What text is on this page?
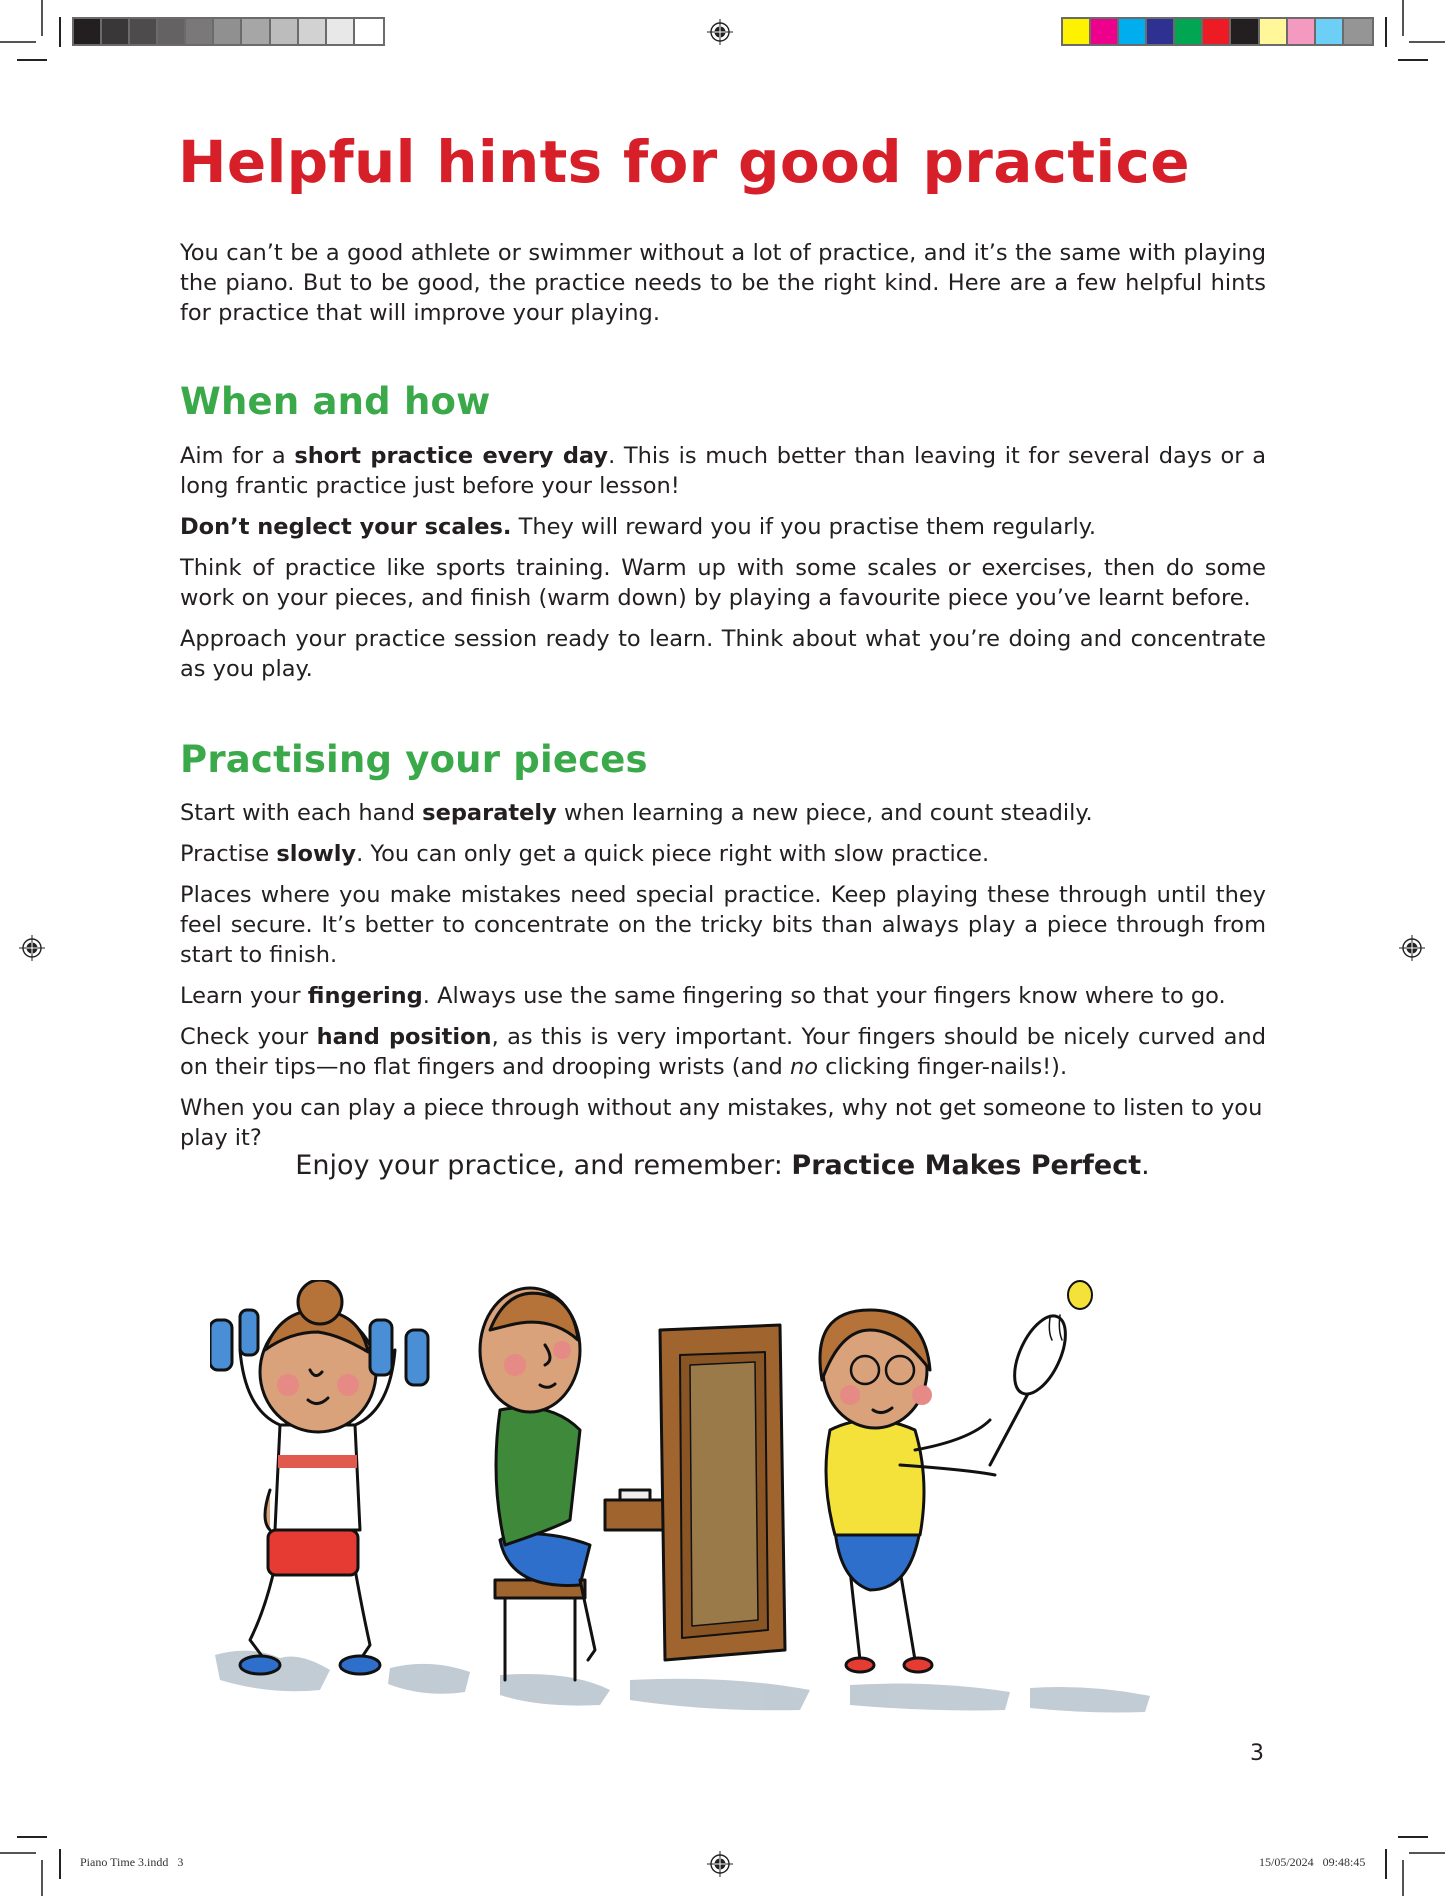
Helpful hints for good practice

You can’t be a good athlete or swimmer without a lot of practice, and it’s the same with playing the piano. But to be good, the practice needs to be the right kind. Here are a few helpful hints for practice that will improve your playing.

When and how

Aim for a short practice every day. This is much better than leaving it for several days or a long frantic practice just before your lesson!

Don’t neglect your scales. They will reward you if you practise them regularly.

Think of practice like sports training. Warm up with some scales or exercises, then do some work on your pieces, and finish (warm down) by playing a favourite piece you’ve learnt before.

Approach your practice session ready to learn. Think about what you’re doing and concentrate as you play.

Practising your pieces

Start with each hand separately when learning a new piece, and count steadily.

Practise slowly. You can only get a quick piece right with slow practice.

Places where you make mistakes need special practice. Keep playing these through until they feel secure. It’s better to concentrate on the tricky bits than always play a piece through from start to finish.

Learn your fingering. Always use the same fingering so that your fingers know where to go.

Check your hand position, as this is very important. Your fingers should be nicely curved and on their tips—no flat fingers and drooping wrists (and no clicking finger-nails!).

When you can play a piece through without any mistakes, why not get someone to listen to you play it?

Enjoy your practice, and remember: Practice Makes Perfect.
3
Piano Time 3.indd   3	15/05/2024   09:48:45
